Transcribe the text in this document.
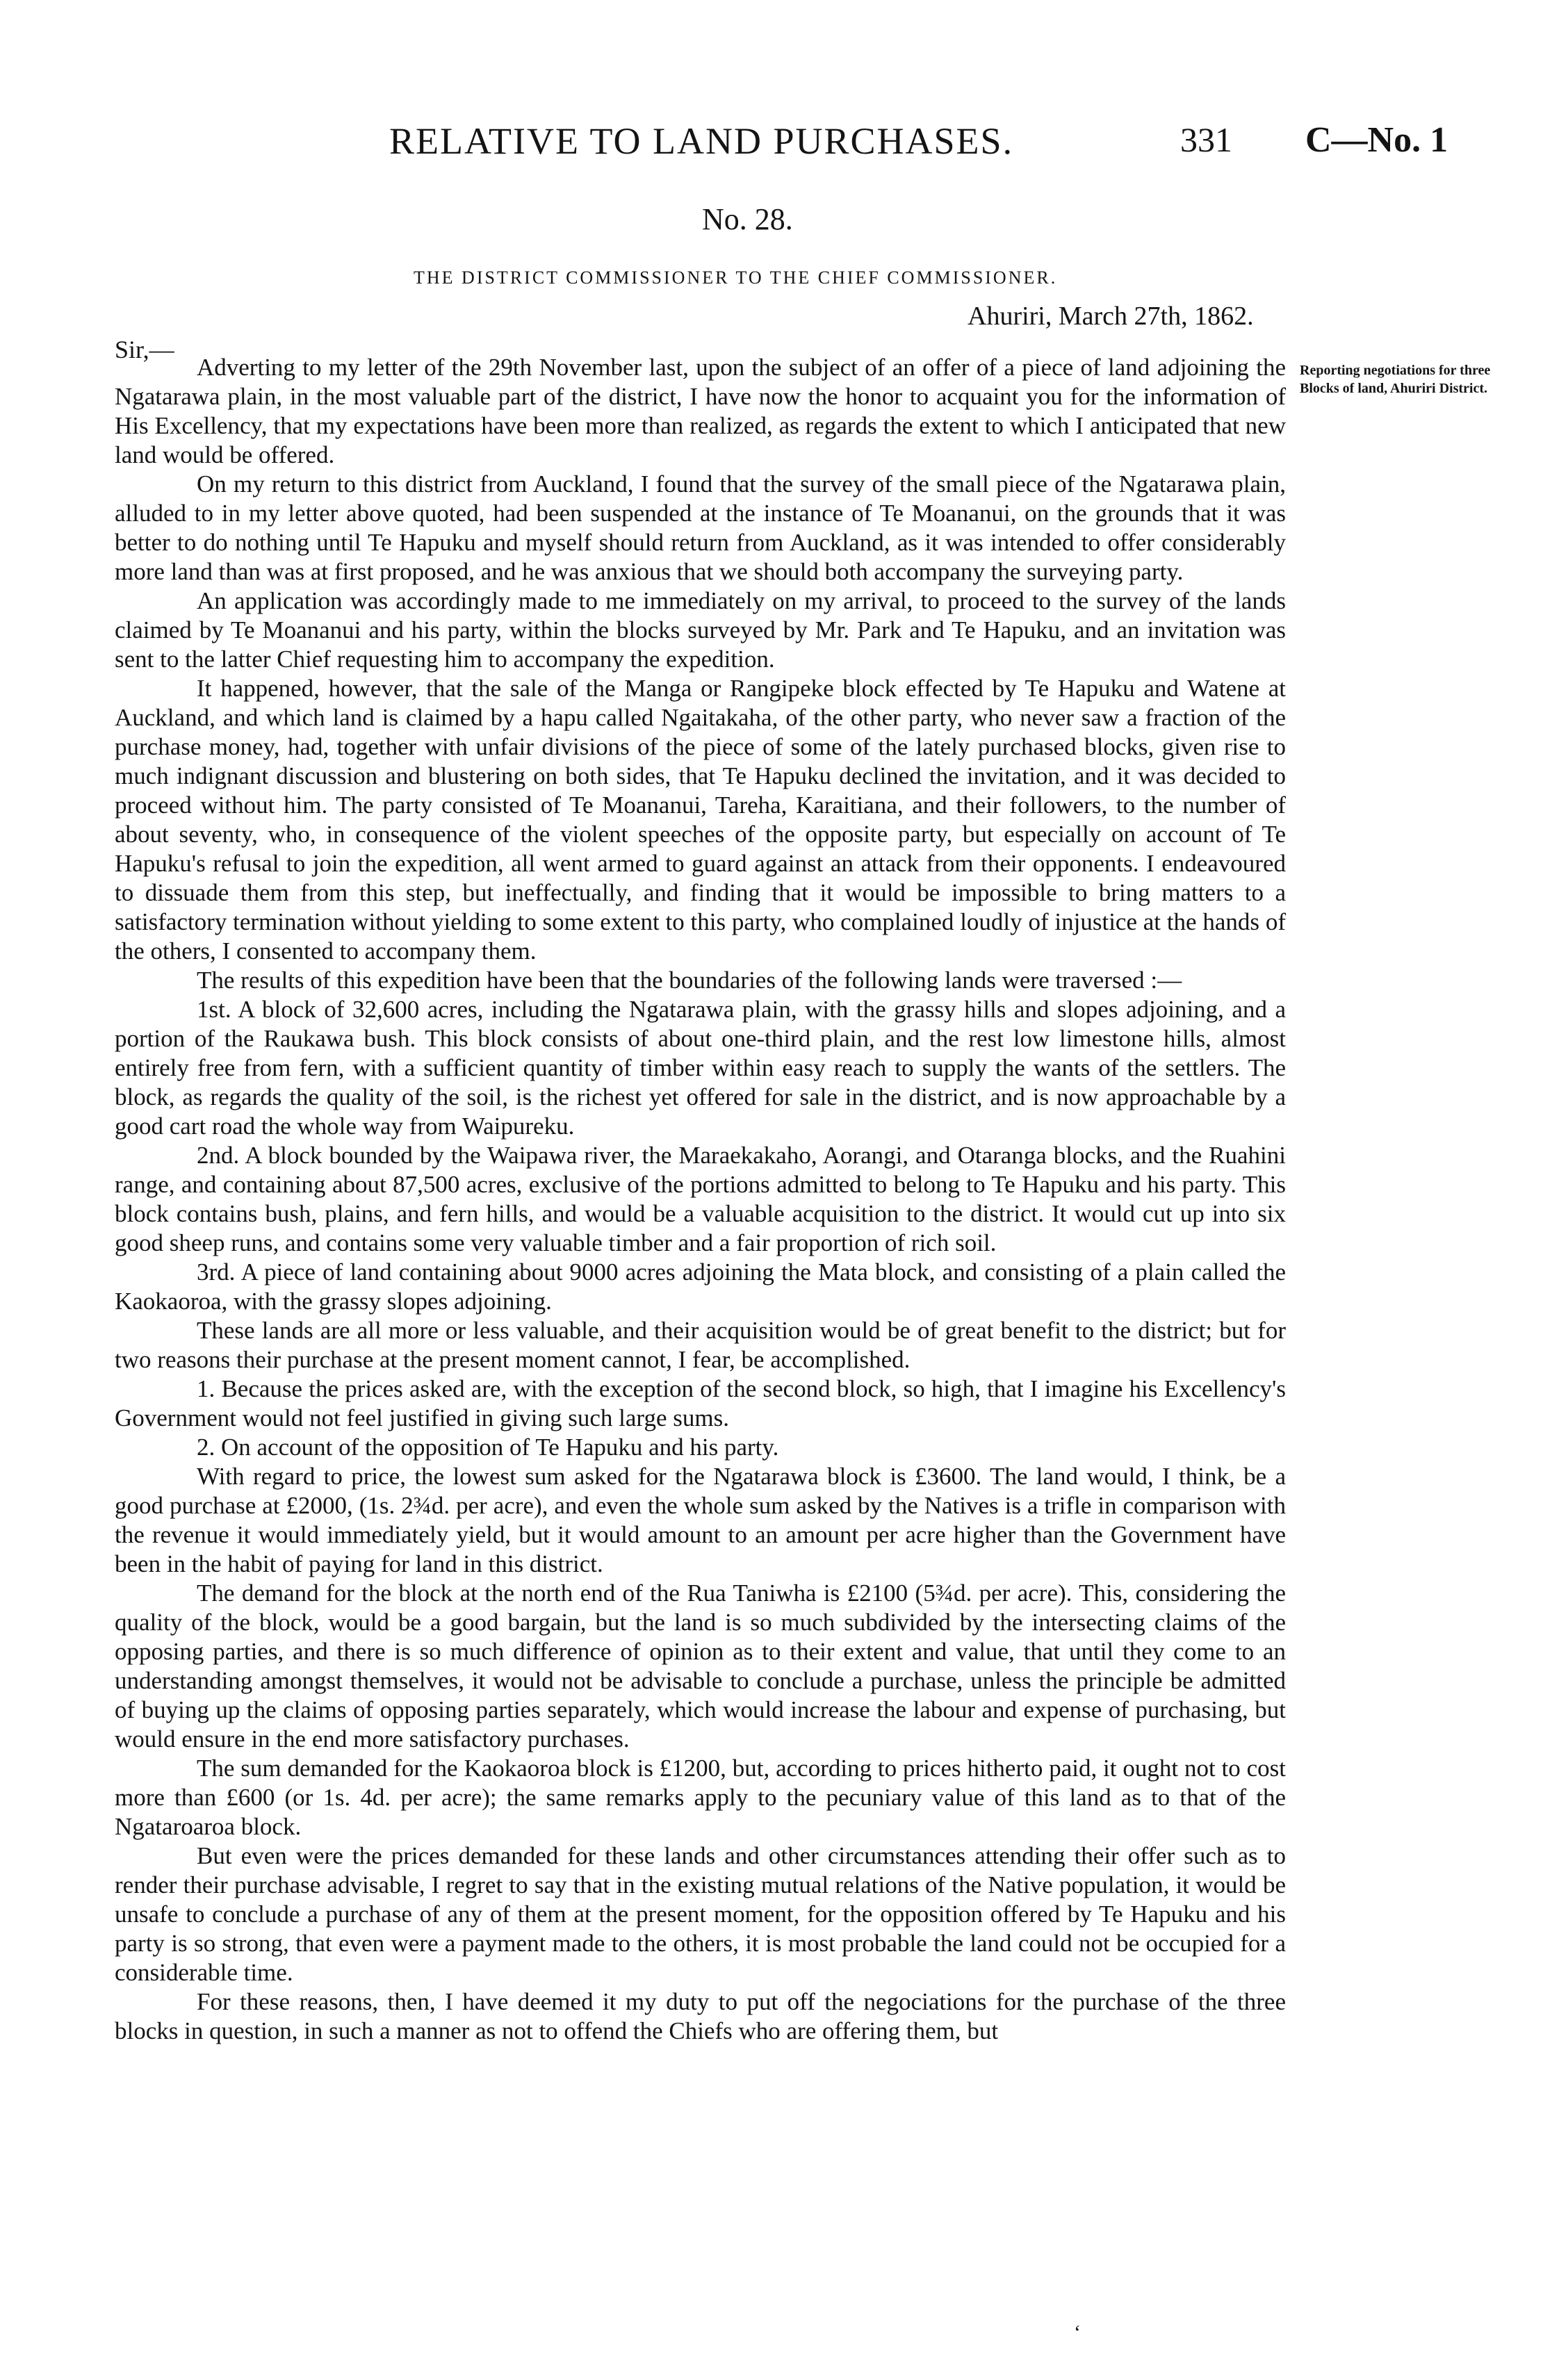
RELATIVE TO LAND PURCHASES.	331 C—No. 1
No. 28.
THE DISTRICT COMMISSIONER TO THE CHIEF COMMISSIONER.
Ahuriri, March 27th, 1862.
Sir,—
Reporting negotiations for three Blocks of land, Ahuriri District.

Adverting to my letter of the 29th November last, upon the subject of an offer of a piece of land adjoining the Ngatarawa plain, in the most valuable part of the district, I have now the honor to acquaint you for the information of His Excellency, that my expectations have been more than realized, as regards the extent to which I anticipated that new land would be offered.

On my return to this district from Auckland, I found that the survey of the small piece of the Ngatarawa plain, alluded to in my letter above quoted, had been suspended at the instance of Te Moananui, on the grounds that it was better to do nothing until Te Hapuku and myself should return from Auckland, as it was intended to offer considerably more land than was at first proposed, and he was anxious that we should both accompany the surveying party.

An application was accordingly made to me immediately on my arrival, to proceed to the survey of the lands claimed by Te Moananui and his party, within the blocks surveyed by Mr. Park and Te Hapuku, and an invitation was sent to the latter Chief requesting him to accompany the expedition.

It happened, however, that the sale of the Manga or Rangipeke block effected by Te Hapuku and Watene at Auckland, and which land is claimed by a hapu called Ngaitakaha, of the other party, who never saw a fraction of the purchase money, had, together with unfair divisions of the piece of some of the lately purchased blocks, given rise to much indignant discussion and blustering on both sides, that Te Hapuku declined the invitation, and it was decided to proceed without him. The party consisted of Te Moananui, Tareha, Karaitiana, and their followers, to the number of about seventy, who, in consequence of the violent speeches of the opposite party, but especially on account of Te Hapuku's refusal to join the expedition, all went armed to guard against an attack from their opponents. I endeavoured to dissuade them from this step, but ineffectually, and finding that it would be impossible to bring matters to a satisfactory termination without yielding to some extent to this party, who complained loudly of injustice at the hands of the others, I consented to accompany them.

The results of this expedition have been that the boundaries of the following lands were traversed :—

1st. A block of 32,600 acres, including the Ngatarawa plain, with the grassy hills and slopes adjoining, and a portion of the Raukawa bush. This block consists of about one-third plain, and the rest low limestone hills, almost entirely free from fern, with a sufficient quantity of timber within easy reach to supply the wants of the settlers. The block, as regards the quality of the soil, is the richest yet offered for sale in the district, and is now approachable by a good cart road the whole way from Waipureku.

2nd. A block bounded by the Waipawa river, the Maraekakaho, Aorangi, and Otaranga blocks, and the Ruahini range, and containing about 87,500 acres, exclusive of the portions admitted to belong to Te Hapuku and his party. This block contains bush, plains, and fern hills, and would be a valuable acquisition to the district. It would cut up into six good sheep runs, and contains some very valuable timber and a fair proportion of rich soil.

3rd. A piece of land containing about 9000 acres adjoining the Mata block, and consisting of a plain called the Kaokaoroa, with the grassy slopes adjoining.

These lands are all more or less valuable, and their acquisition would be of great benefit to the district; but for two reasons their purchase at the present moment cannot, I fear, be accomplished.

1. Because the prices asked are, with the exception of the second block, so high, that I imagine his Excellency's Government would not feel justified in giving such large sums.

2. On account of the opposition of Te Hapuku and his party.

With regard to price, the lowest sum asked for the Ngatarawa block is £3600. The land would, I think, be a good purchase at £2000, (1s. 2¾d. per acre), and even the whole sum asked by the Natives is a trifle in comparison with the revenue it would immediately yield, but it would amount to an amount per acre higher than the Government have been in the habit of paying for land in this district.

The demand for the block at the north end of the Rua Taniwha is £2100 (5¾d. per acre). This, considering the quality of the block, would be a good bargain, but the land is so much subdivided by the intersecting claims of the opposing parties, and there is so much difference of opinion as to their extent and value, that until they come to an understanding amongst themselves, it would not be advisable to conclude a purchase, unless the principle be admitted of buying up the claims of opposing parties separately, which would increase the labour and expense of purchasing, but would ensure in the end more satisfactory purchases.

The sum demanded for the Kaokaoroa block is £1200, but, according to prices hitherto paid, it ought not to cost more than £600 (or 1s. 4d. per acre); the same remarks apply to the pecuniary value of this land as to that of the Ngataroaroa block.

But even were the prices demanded for these lands and other circumstances attending their offer such as to render their purchase advisable, I regret to say that in the existing mutual relations of the Native population, it would be unsafe to conclude a purchase of any of them at the present moment, for the opposition offered by Te Hapuku and his party is so strong, that even were a payment made to the others, it is most probable the land could not be occupied for a considerable time.

For these reasons, then, I have deemed it my duty to put off the negociations for the purchase of the three blocks in question, in such a manner as not to offend the Chiefs who are offering them, but

ʻ
